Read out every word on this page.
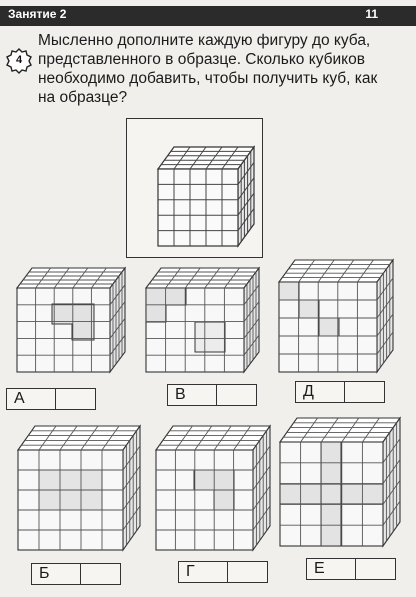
Занятие 2	11
4

Мысленно дополните каждую фигуру до куба,

представленного в образце. Сколько кубиков

необходимо добавить, чтобы получить куб, как

на образце?

А	В	Д
Б	Г	Е
